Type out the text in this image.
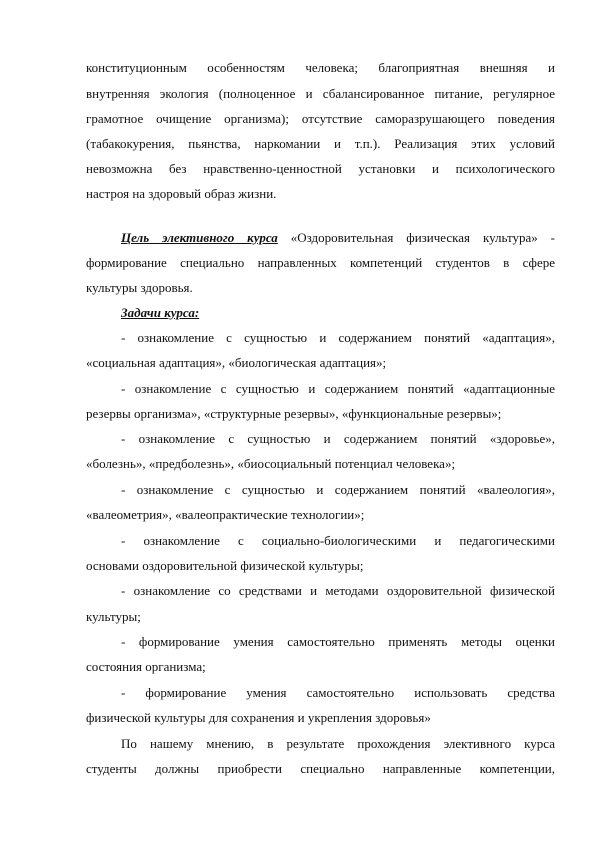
конституционным особенностям человека; благоприятная внешняя и
внутренняя экология (полноценное и сбалансированное питание, регулярное
грамотное очищение организма); отсутствие саморазрушающего поведения
(табакокурения, пьянства, наркомании и т.п.). Реализация этих условий
невозможна без нравственно-ценностной установки и психологического
настроя на здоровый образ жизни.
Цель элективного курса «Оздоровительная физическая культура» -
формирование специально направленных компетенций студентов в сфере
культуры здоровья.
Задачи курса:
- ознакомление с сущностью и содержанием понятий «адаптация»,
«социальная адаптация», «биологическая адаптация»;
- ознакомление с сущностью и содержанием понятий «адаптационные
резервы организма», «структурные резервы», «функциональные резервы»;
- ознакомление с сущностью и содержанием понятий «здоровье»,
«болезнь», «предболезнь», «биосоциальный потенциал человека»;
- ознакомление с сущностью и содержанием понятий «валеология»,
«валеометрия», «валеопрактические технологии»;
- ознакомление с социально-биологическими и педагогическими
основами оздоровительной физической культуры;
- ознакомление со средствами и методами оздоровительной физической
культуры;
- формирование умения самостоятельно применять методы оценки
состояния организма;
- формирование умения самостоятельно использовать средства
физической культуры для сохранения и укрепления здоровья»
По нашему мнению, в результате прохождения элективного курса
студенты должны приобрести специально направленные компетенции,
